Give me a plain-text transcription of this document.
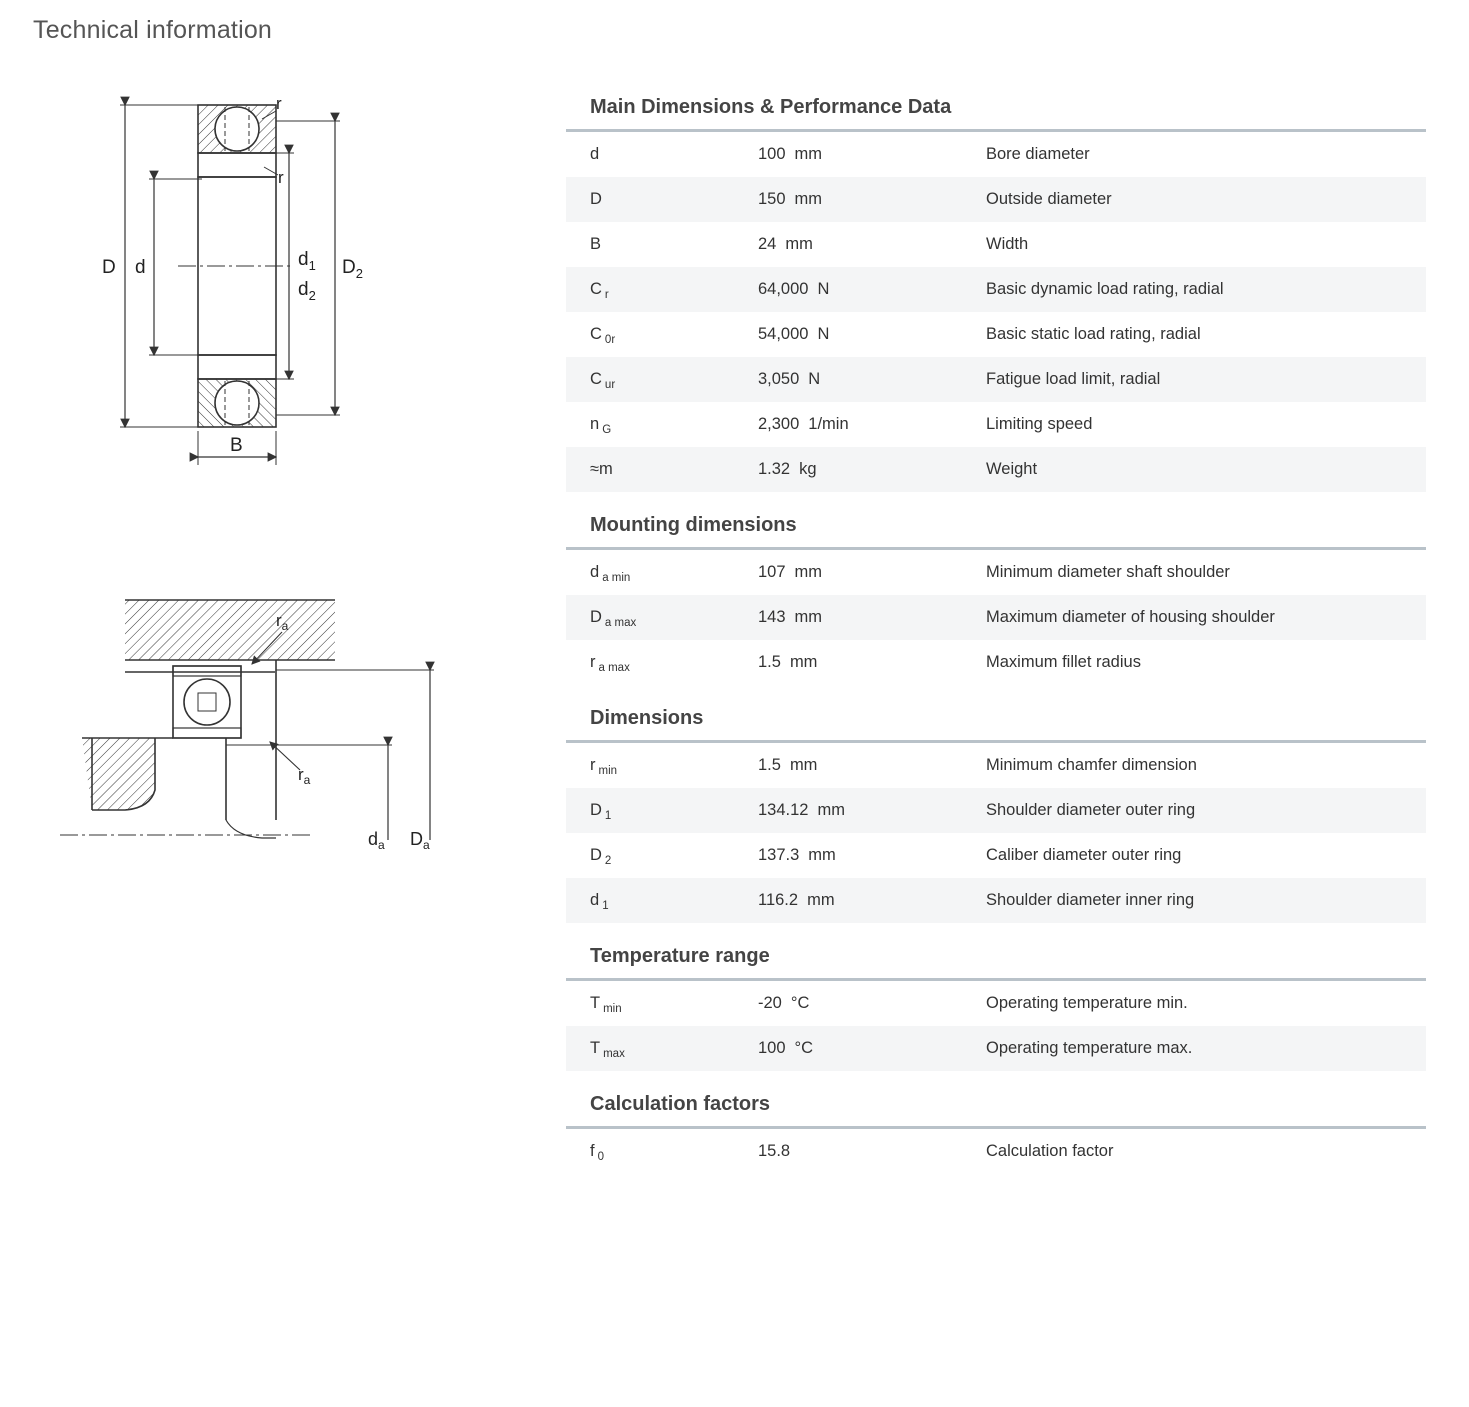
Technical information
D d	$d_1$
$d_2$
$D_2$
B
r
r
$r_a$
$r_a$
$d_a$ $D_a$
Main Dimensions & Performance Data
d	100 mm	Bore diameter
D	150 mm	Outside diameter
B	24 mm	Width
C $_r$	64,000 N	Basic dynamic load rating, radial
C $_{0r}$	54,000 N	Basic static load rating, radial
C $_{ur}$	3,050 N	Fatigue load limit, radial
n $_G$	2,300 1/min	Limiting speed
≈m	1.32 kg	Weight
Mounting dimensions
d $_{a min}$	107 mm	Minimum diameter shaft shoulder
D $_{a max}$	143 mm	Maximum diameter of housing shoulder
r $_{a max}$	1.5 mm	Maximum fillet radius
Dimensions
r $_{min}$	1.5 mm	Minimum chamfer dimension
D $_1$	134.12 mm	Shoulder diameter outer ring
D $_2$	137.3 mm	Caliber diameter outer ring
d $_1$	116.2 mm	Shoulder diameter inner ring
Temperature range
T $_{min}$	-20 °C	Operating temperature min.
T $_{max}$	100 °C	Operating temperature max.
Calculation factors
f $_0$	15.8	Calculation factor
